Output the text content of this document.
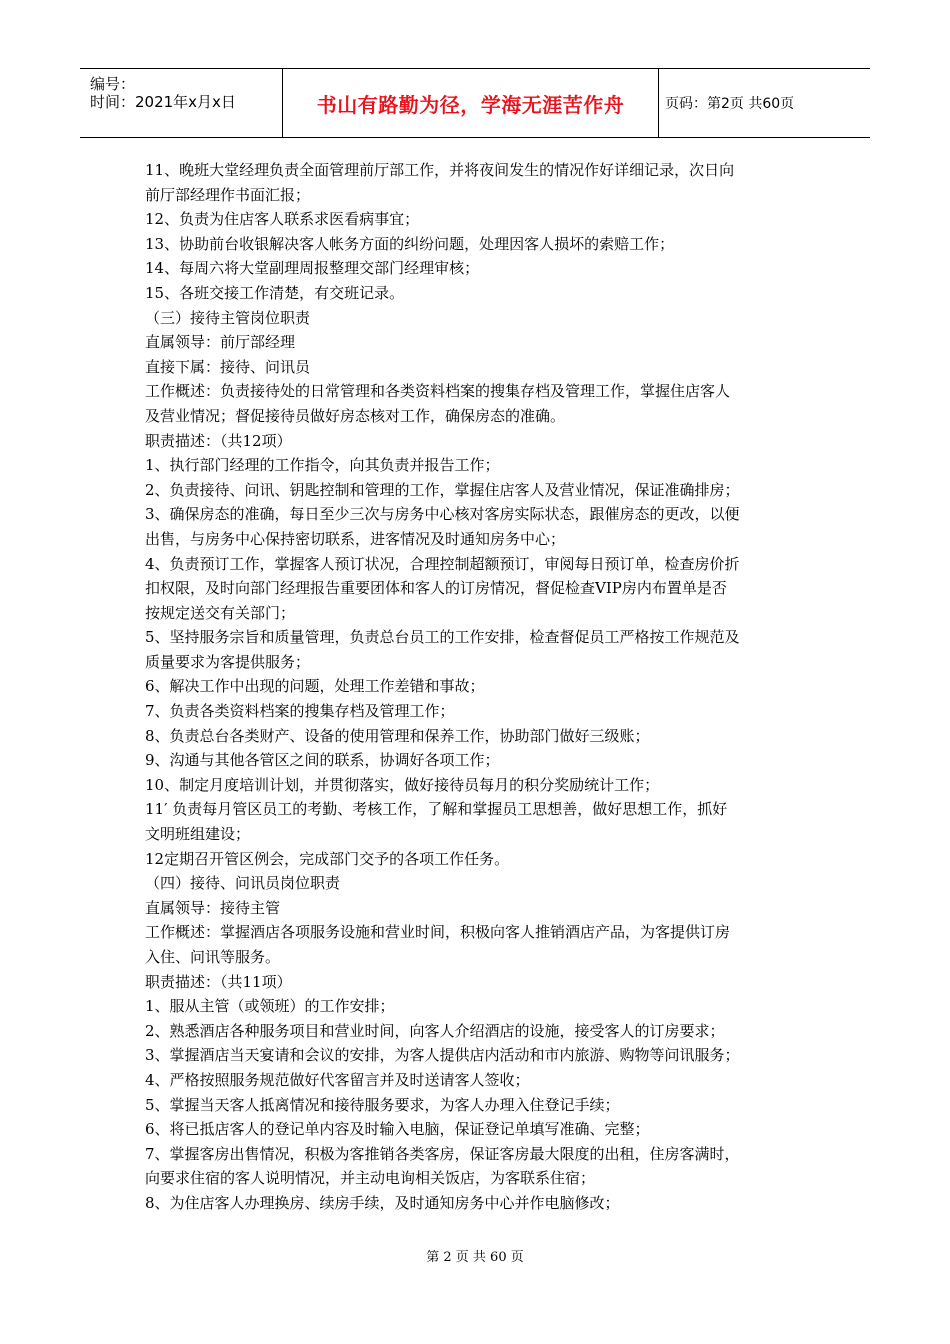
编号：
时间：2021年x月x日	书山有路勤为径，学海无涯苦作舟	页码：第2页 共60页

11、晚班大堂经理负责全面管理前厅部工作，并将夜间发生的情况作好详细记录，次日向

前厅部经理作书面汇报；

12、负责为住店客人联系求医看病事宜；

13、协助前台收银解决客人帐务方面的纠纷问题，处理因客人损坏的索赔工作；

14、每周六将大堂副理周报整理交部门经理审核；

15、各班交接工作清楚，有交班记录。

（三）接待主管岗位职责

直属领导：前厅部经理

直接下属：接待、问讯员

工作概述：负责接待处的日常管理和各类资料档案的搜集存档及管理工作，掌握住店客人

及营业情况；督促接待员做好房态核对工作，确保房态的准确。

职责描述：（共12项）

1、执行部门经理的工作指令，向其负责并报告工作；

2、负责接待、问讯、钥匙控制和管理的工作，掌握住店客人及营业情况，保证准确排房；

3、确保房态的准确，每日至少三次与房务中心核对客房实际状态，跟催房态的更改，以便

出售，与房务中心保持密切联系，进客情况及时通知房务中心；

4、负责预订工作，掌握客人预订状况，合理控制超额预订，审阅每日预订单，检查房价折

扣权限，及时向部门经理报告重要团体和客人的订房情况，督促检查VIP房内布置单是否

按规定送交有关部门；

5、坚持服务宗旨和质量管理，负责总台员工的工作安排，检查督促员工严格按工作规范及

质量要求为客提供服务；

6、解决工作中出现的问题，处理工作差错和事故；

7、负责各类资料档案的搜集存档及管理工作；

8、负责总台各类财产、设备的使用管理和保养工作，协助部门做好三级账；

9、沟通与其他各管区之间的联系，协调好各项工作；

10、制定月度培训计划，并贯彻落实，做好接待员每月的积分奖励统计工作；

11′ 负责每月管区员工的考勤、考核工作，了解和掌握员工思想善，做好思想工作，抓好

文明班组建设；

12定期召开管区例会，完成部门交予的各项工作任务。

（四）接待、问讯员岗位职责

直属领导：接待主管

工作概述：掌握酒店各项服务设施和营业时间，积极向客人推销酒店产品，为客提供订房

入住、问讯等服务。

职责描述：（共11项）

1、服从主管（或领班）的工作安排；

2、熟悉酒店各种服务项目和营业时间，向客人介绍酒店的设施，接受客人的订房要求；

3、掌握酒店当天宴请和会议的安排，为客人提供店内活动和市内旅游、购物等问讯服务；

4、严格按照服务规范做好代客留言并及时送请客人签收；

5、掌握当天客人抵离情况和接待服务要求，为客人办理入住登记手续；

6、将已抵店客人的登记单内容及时输入电脑，保证登记单填写准确、完整；

7、掌握客房出售情况，积极为客推销各类客房，保证客房最大限度的出租，住房客满时，

向要求住宿的客人说明情况，并主动电询相关饭店，为客联系住宿；

8、为住店客人办理换房、续房手续，及时通知房务中心并作电脑修改；

第 2 页 共 60 页
